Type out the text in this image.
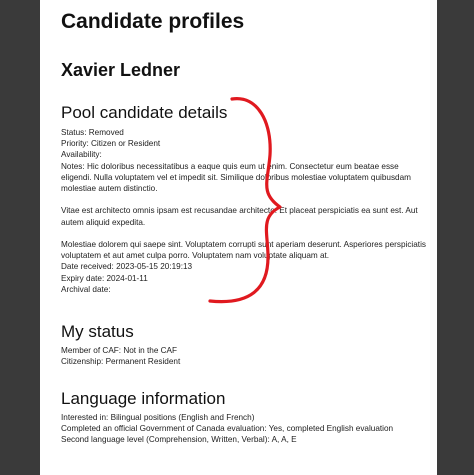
Candidate profiles
Xavier Ledner
Pool candidate details

Status: Removed

Priority: Citizen or Resident

Availability:

Notes: Hic doloribus necessitatibus a eaque quis eum ut enim. Consectetur eum beatae esse eligendi. Nulla voluptatem vel et impedit sit. Similique doloribus molestiae voluptatem quibusdam molestiae autem distinctio.

Vitae est architecto omnis ipsam est recusandae architecto. Et placeat perspiciatis ea sunt est. Aut autem aliquid expedita.

Molestiae dolorem qui saepe sint. Voluptatem corrupti sunt aperiam deserunt. Asperiores perspiciatis voluptatem et aut amet culpa porro. Voluptatem nam voluptate aliquam at.

Date received: 2023-05-15 20:19:13

Expiry date: 2024-01-11

Archival date:

My status

Member of CAF: Not in the CAF

Citizenship: Permanent Resident

Language information

Interested in: Bilingual positions (English and French)

Completed an official Government of Canada evaluation: Yes, completed English evaluation

Second language level (Comprehension, Written, Verbal): A, A, E
